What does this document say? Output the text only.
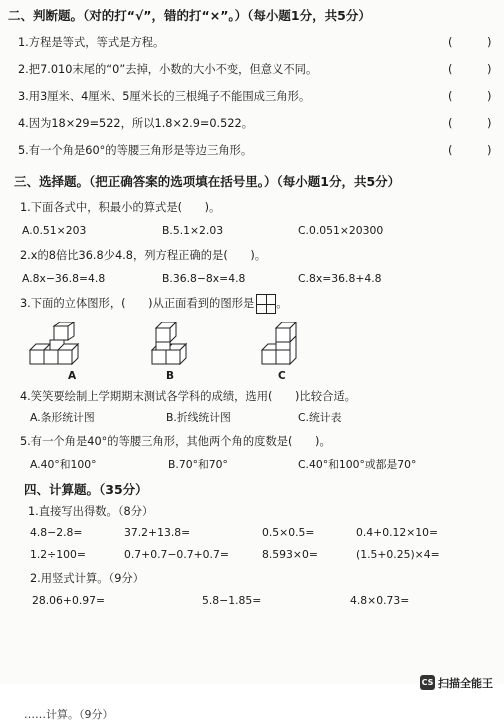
二、判断题。（对的打“√”，错的打“×”。）（每小题1分，共5分）
1.方程是等式，等式是方程。	(　　　)
2.把7.010末尾的“0”去掉，小数的大小不变，但意义不同。	(　　　)
3.用3厘米、4厘米、5厘米长的三根绳子不能围成三角形。	(　　　)
4.因为18×29=522，所以1.8×2.9=0.522。	(　　　)
5.有一个角是60°的等腰三角形是等边三角形。	(　　　)
三、选择题。（把正确答案的选项填在括号里。）（每小题1分，共5分）
1.下面各式中，积最小的算式是(　　)。
A.0.51×203	B.5.1×2.03	C.0.051×20300
2.x的8倍比36.8少4.8，列方程正确的是(　　)。
A.8x−36.8=4.8	B.36.8−8x=4.8	C.8x=36.8+4.8
3.下面的立体图形，(　　)从正面看到的图形是 。
A	B	C
4.笑笑要绘制上学期期末测试各学科的成绩，选用(　　)比较合适。
A.条形统计图	B.折线统计图	C.统计表
5.有一个角是40°的等腰三角形，其他两个角的度数是(　　)。
A.40°和100°	B.70°和70°	C.40°和100°或都是70°
四、计算题。（35分）
1.直接写出得数。（8分）
4.8−2.8=	37.2+13.8=	0.5×0.5=	0.4+0.12×10=
1.2÷100=	0.7+0.7−0.7+0.7=	8.593×0=	(1.5+0.25)×4=
2.用竖式计算。（9分）
28.06+0.97=	5.8−1.85=	4.8×0.73=
CS 扫描全能王
……计算。（9分）
